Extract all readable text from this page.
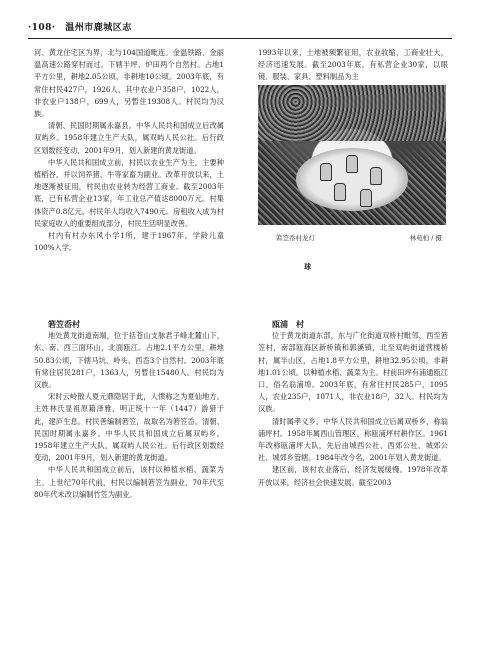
·108· 温州市鹿城区志

河、黄龙住宅区为界，北与104国道毗连。金温铁路、金丽温高速公路穿村而过。下辖半坪、炉田两个自然村。占地1平方公里，耕地2.05公顷，非耕地10公顷。2003年底，有常住村民427户，1926人，其中农业户358户，1022人，非农业户138户，699人，另暂住19308人。村民均为汉族。

清朝、民国时期属永嘉县。中华人民共和国成立后改属双屿乡。1958年建立生产大队，属双屿人民公社。后行政区划数经变动，2001年9月，划入新建的黄龙街道。

中华人民共和国成立前，村民以农业生产为主，主要种植稻谷，并以饲养猪、牛等家畜为副业。改革开放以来，土地逐渐被征用，村民由农业转为经营工商业。截至2003年底，已有私营企业13家，年工业总产值达8000万元。村集体资产0.8亿元，村民年人均收入7490元。房租收入成为村民家庭收入的重要组成部分，村民生活明显改善。

村内有村办东风小学1所，建于1967年，学龄儿童100%入学。

箬笠岙村

地处黄龙街道南端，位于括苍山支脉君子峰北麓山下，东、南、西三面环山，北面瓯江。占地2.1平方公里，耕地50.83公顷，下辖马坑、岭头、西岙3个自然村。2003年底有常住居民281户，1363人，另暂住15480人。村民均为汉族。

宋时云岭散人夏元鼎隐居于此，人惯称之为夏仙地方。主姓林氏显祖原籍泽雅，明正统十一年（1447）游猎于此，建庐生息。村民善编制箬笠，故取名为箬笠岙。清朝、民国时期属永嘉乡。中华人民共和国成立后属双屿乡。1958年建立生产大队，属双屿人民公社。后行政区划数经变动，2001年9月，划入新建的黄龙街道。

中华人民共和国成立前后，该村以种植水稻、蔬菜为主。上世纪70年代前，村民以编制箬笠为副业，70年代至80年代末改以编制竹笠为副业。

1993年以来，土地被频繁征用，农业收缩，工商业壮大，经济迅速发展。截至2003年底，有私营企业30家，以眼镜、服装、家具、塑料制品为主

箬笠岙村龙灯	林苑柏 / 摄
球

瓯浦　村

位于黄龙街道东部，东与广化街道双桥村毗邻，西至箬笠村，南部瓯海区新桥镇和郭溪镇，北至双屿街道营楼桥村，属半山区，占地1.8平方公里，耕地32.95公顷，非耕地1.01公顷。以种植水稻、蔬菜为主。村前田坪有浦通瓯江口，俗名翁浦埠。2003年底，有常住村民285户，1095人，农业235户，1071人，非农业18户，32人。村民均为汉族。

清时属孝义乡，中华人民共和国成立后属双桥乡，称翁浦坪村。1958年属西山管理区，称瓯浦坪村耕作区。1961年改称瓯浦坪大队，先后由城西公社、西郊公社、城郊公社、城郊乡管辖。1984年改今名，2001年划入黄龙街道。

建区前，该村农业落后，经济发展缓慢。1978年改革开放以来，经济社会快速发展。截至2003
